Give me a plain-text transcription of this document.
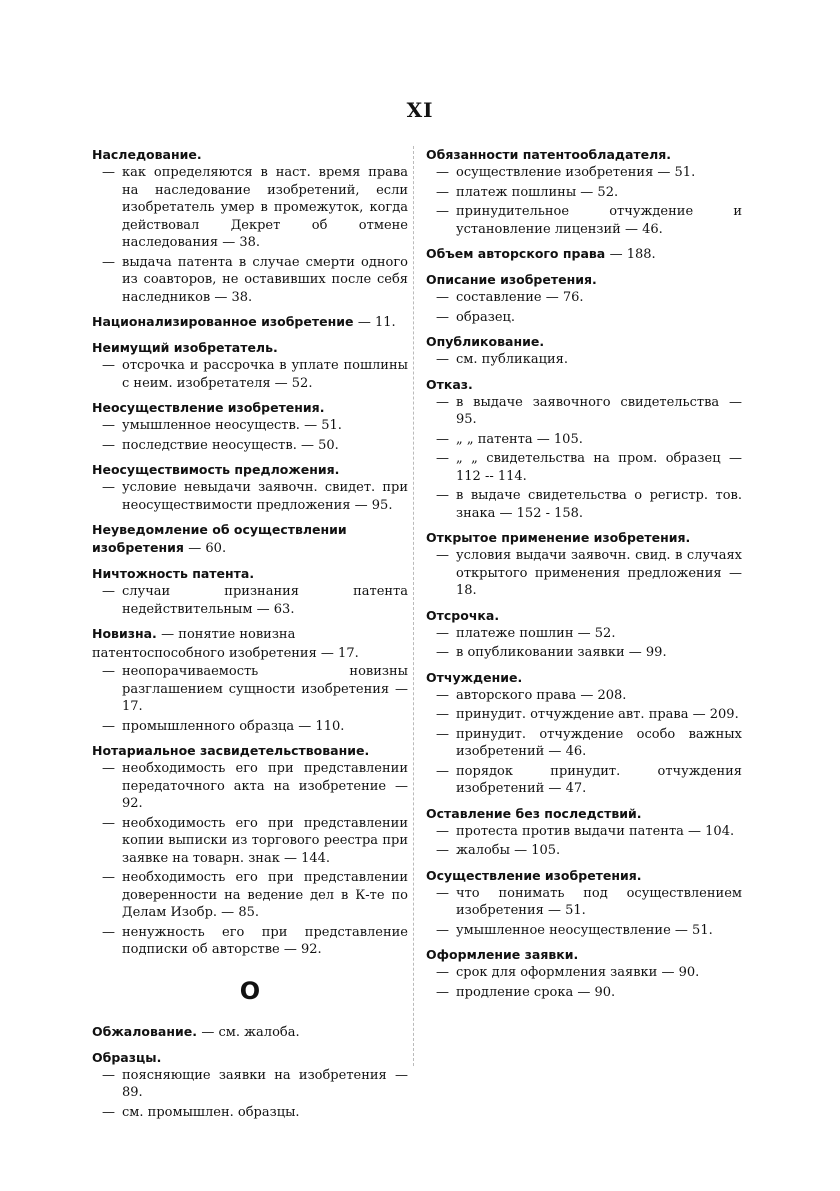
XI
Наследование.
— как определяются в наст. время права на наследование изобретений, если изобретатель умер в промежуток, когда действовал Декрет об отмене наследования — 38.
— выдача патента в случае смерти одного из соавторов, не оставивших после себя наследников — 38.
Национализированное изобретение — 11.
Неимущий изобретатель.
— отсрочка и рассрочка в уплате пошлины с неим. изобретателя — 52.
Неосуществление изобретения.
— умышленное неосуществ. — 51.
— последствие неосуществ. — 50.
Неосуществимость предложения.
— условие невыдачи заявочн. свидет. при неосуществимости предложения — 95.
Неуведомление об осуществлении изобретения — 60.
Ничтожность патента.
— случаи признания патента недействительным — 63.
Новизна. — понятие новизна патентоспособного изобретения — 17.
— неопорачиваемость новизны разглашением сущности изобретения — 17.
— промышленного образца — 110.
Нотариальное засвидетельствование.
— необходимость его при представлении передаточного акта на изобретение — 92.
— необходимость его при представлении копии выписки из торгового реестра при заявке на товарн. знак — 144.
— необходимость его при представлении доверенности на ведение дел в К-те по Делам Изобр. — 85.
— ненужность его при представление подписки об авторстве — 92.
О
Обжалование. — см. жалоба.
Образцы.
— поясняющие заявки на изобретения — 89.
— см. промышлен. образцы.
Обязанности патентообладателя.
— осуществление изобретения — 51.
— платеж пошлины — 52.
— принудительное отчуждение и установление лицензий — 46.
Объем авторского права — 188.
Описание изобретения.
— составление — 76.
— образец.
Опубликование.
— см. публикация.
Отказ.
— в выдаче заявочного свидетельства — 95.
— „ „ патента — 105.
— „ „ свидетельства на пром. образец — 112 -- 114.
— в выдаче свидетельства о регистр. тов. знака — 152 - 158.
Открытое применение изобретения.
— условия выдачи заявочн. свид. в случаях открытого применения предложения — 18.
Отсрочка.
— платеже пошлин — 52.
— в опубликовании заявки — 99.
Отчуждение.
— авторского права — 208.
— принудит. отчуждение авт. права — 209.
— принудит. отчуждение особо важных изобретений — 46.
— порядок принудит. отчуждения изобретений — 47.
Оставление без последствий.
— протеста против выдачи патента — 104.
— жалобы — 105.
Осуществление изобретения.
— что понимать под осуществлением изобретения — 51.
— умышленное неосуществление — 51.
Оформление заявки.
— срок для оформления заявки — 90.
— продление срока — 90.
